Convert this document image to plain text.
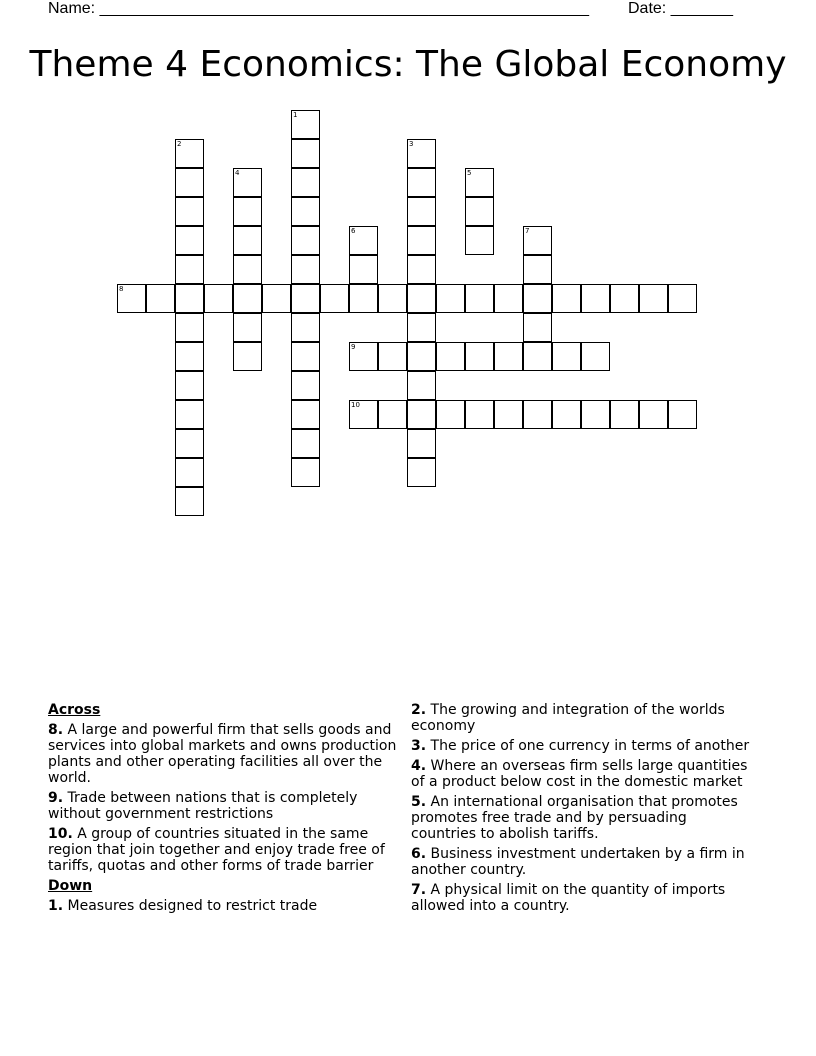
Name: _______________________________________________________ Date: _______
Theme 4 Economics: The Global Economy
1
2	3
4	5
6	7
8
9
10
Across
8. A large and powerful firm that sells goods and services into global markets and owns production plants and other operating facilities all over the world.
9. Trade between nations that is completely without government restrictions
10. A group of countries situated in the same region that join together and enjoy trade free of tariffs, quotas and other forms of trade barrier
Down
1. Measures designed to restrict trade
2. The growing and integration of the worlds economy
3. The price of one currency in terms of another
4. Where an overseas firm sells large quantities of a product below cost in the domestic market
5. An international organisation that promotes promotes free trade and by persuading countries to abolish tariffs.
6. Business investment undertaken by a firm in another country.
7. A physical limit on the quantity of imports allowed into a country.
